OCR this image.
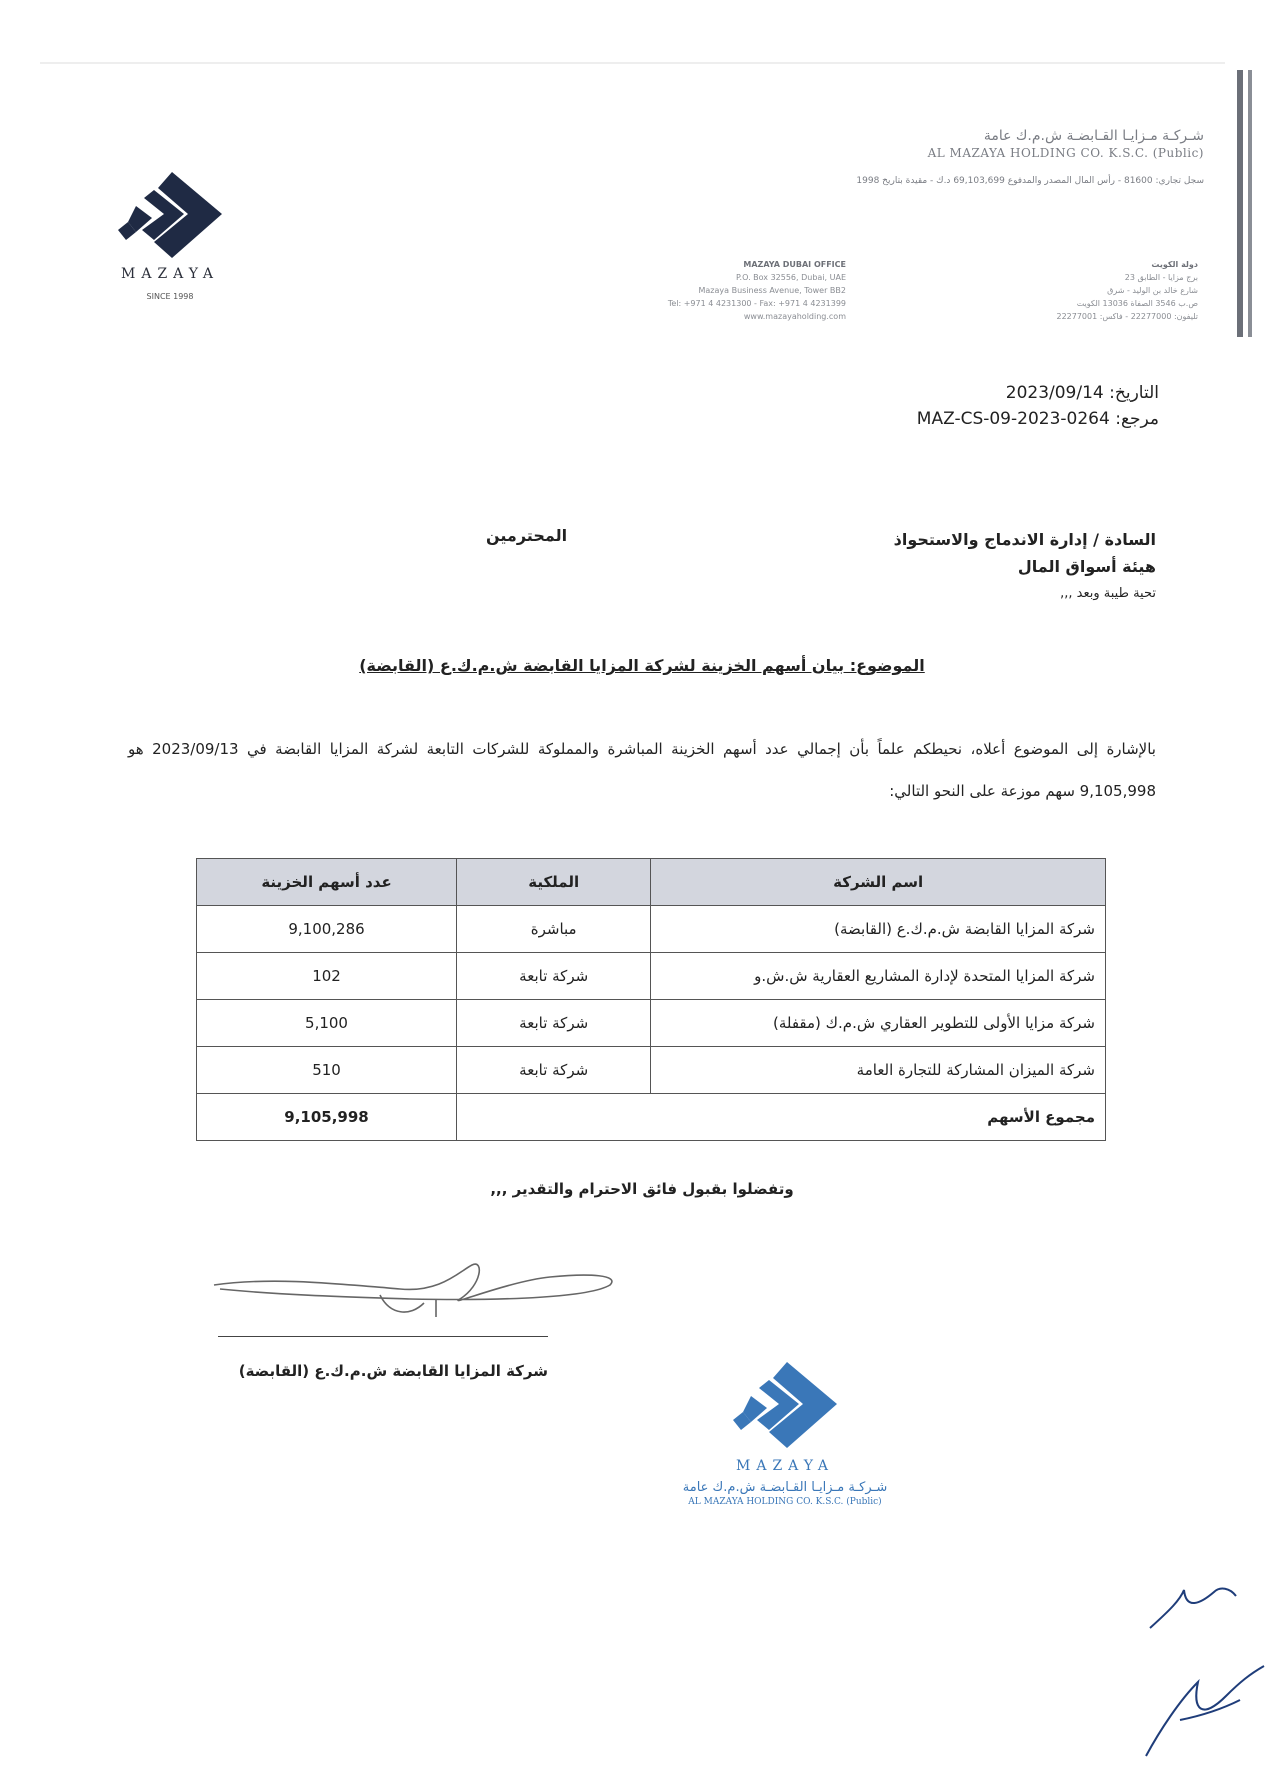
MAZAYA
SINCE 1998
شـركـة مـزايـا القـابضـة ش.م.ك عامة
AL MAZAYA HOLDING CO. K.S.C. (Public)
سجل تجاري: 81600 - رأس المال المصدر والمدفوع 69,103,699 د.ك - مقيدة بتاريخ 1998
دولة الكويت
برج مزايا - الطابق 23
شارع خالد بن الوليد - شرق
ص.ب 3546 الصفاة 13036 الكويت
تليفون: 22277000 - فاكس: 22277001
MAZAYA DUBAI OFFICE
P.O. Box 32556, Dubai, UAE
Mazaya Business Avenue, Tower BB2
Tel: +971 4 4231300 - Fax: +971 4 4231399
www.mazayaholding.com
التاريخ: 2023/09/14
مرجع: MAZ-CS-09-2023-0264
السادة / إدارة الاندماج والاستحواذ
هيئة أسواق المال
تحية طيبة وبعد ,,,
المحترمين
الموضوع: بيان أسهم الخزينة لشركة المزايا القابضة ش.م.ك.ع (القابضة)
بالإشارة إلى الموضوع أعلاه، نحيطكم علماً بأن إجمالي عدد أسهم الخزينة المباشرة والمملوكة للشركات التابعة لشركة المزايا القابضة في 2023/09/13 هو 9,105,998 سهم موزعة على النحو التالي:
اسم الشركة	الملكية	عدد أسهم الخزينة
شركة المزايا القابضة ش.م.ك.ع (القابضة)	مباشرة	9,100,286
شركة المزايا المتحدة لإدارة المشاريع العقارية ش.ش.و	شركة تابعة	102
شركة مزايا الأولى للتطوير العقاري ش.م.ك (مقفلة)	شركة تابعة	5,100
شركة الميزان المشاركة للتجارة العامة	شركة تابعة	510
مجموع الأسهم		9,105,998
وتفضلوا بقبول فائق الاحترام والتقدير ,,,
شركة المزايا القابضة ش.م.ك.ع (القابضة)
MAZAYA
شـركـة مـزايـا القـابضـة ش.م.ك عامة
AL MAZAYA HOLDING CO. K.S.C. (Public)
